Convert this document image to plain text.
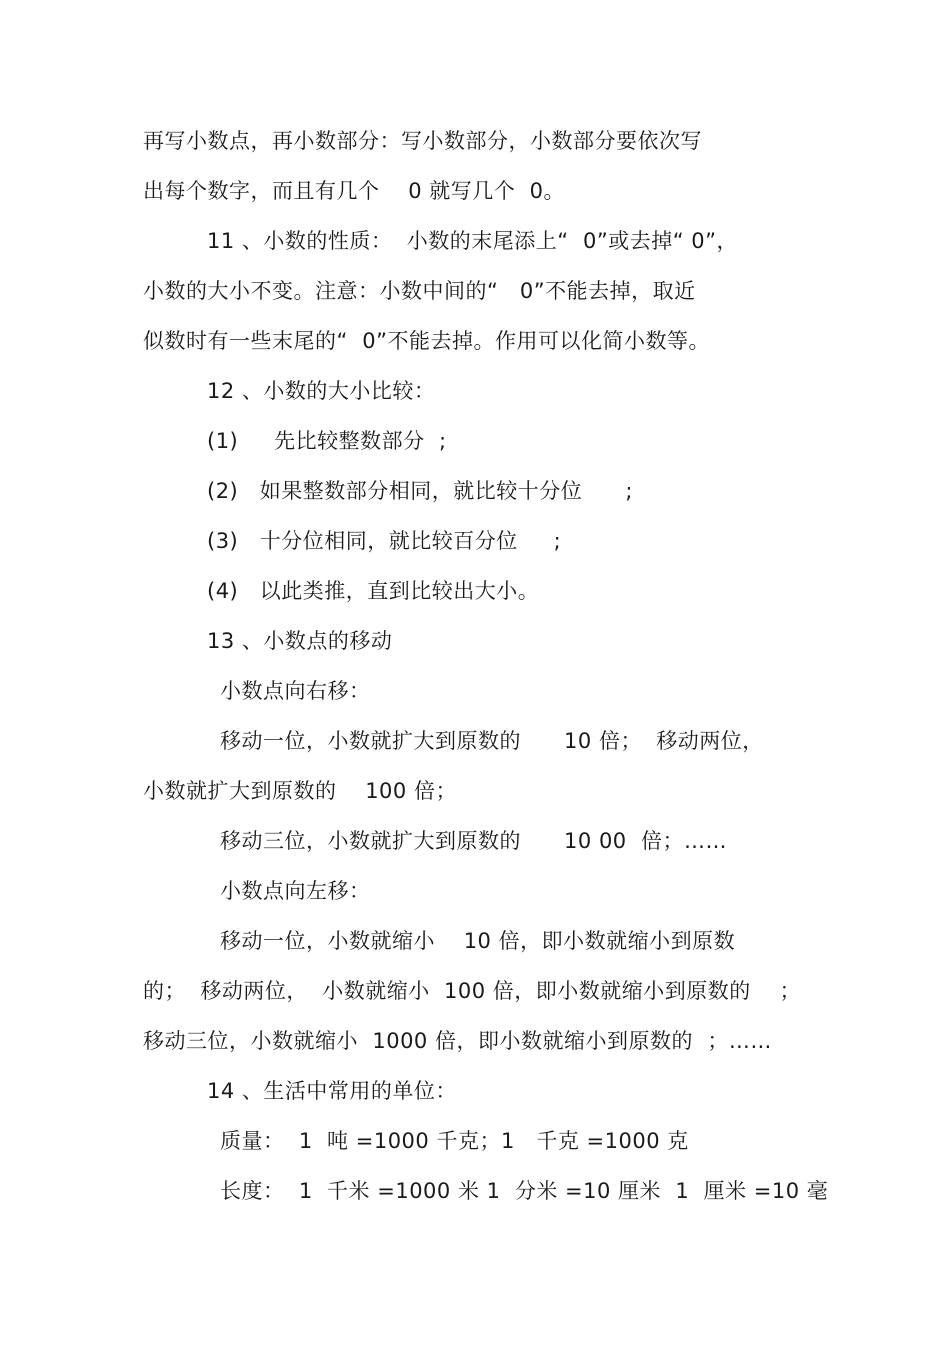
再写小数点，再小数部分：写小数部分，小数部分要依次写

出每个数字，而且有几个    0 就写几个  0。

11 、小数的性质：  小数的末尾添上“  0”或去掉“ 0”，

小数的大小不变。注意：小数中间的“   0”不能去掉，取近

似数时有一些末尾的“  0”不能去掉。作用可以化简小数等。

12 、小数的大小比较：

(1)     先比较整数部分  ;

(2)   如果整数部分相同，就比较十分位      ;

(3)   十分位相同，就比较百分位     ;

(4)   以此类推，直到比较出大小。

13 、小数点的移动

小数点向右移：

移动一位，小数就扩大到原数的      10 倍；  移动两位，

小数就扩大到原数的    100 倍；

移动三位，小数就扩大到原数的      10 00  倍；……

小数点向左移：

移动一位，小数就缩小    10 倍，即小数就缩小到原数

的；  移动两位，  小数就缩小  100 倍，即小数就缩小到原数的    ；

移动三位，小数就缩小  1000 倍，即小数就缩小到原数的  ；……

14 、生活中常用的单位：

质量：  1  吨 =1000 千克；1   千克 =1000 克

长度：  1  千米 =1000 米 1  分米 =10 厘米  1  厘米 =10 毫
